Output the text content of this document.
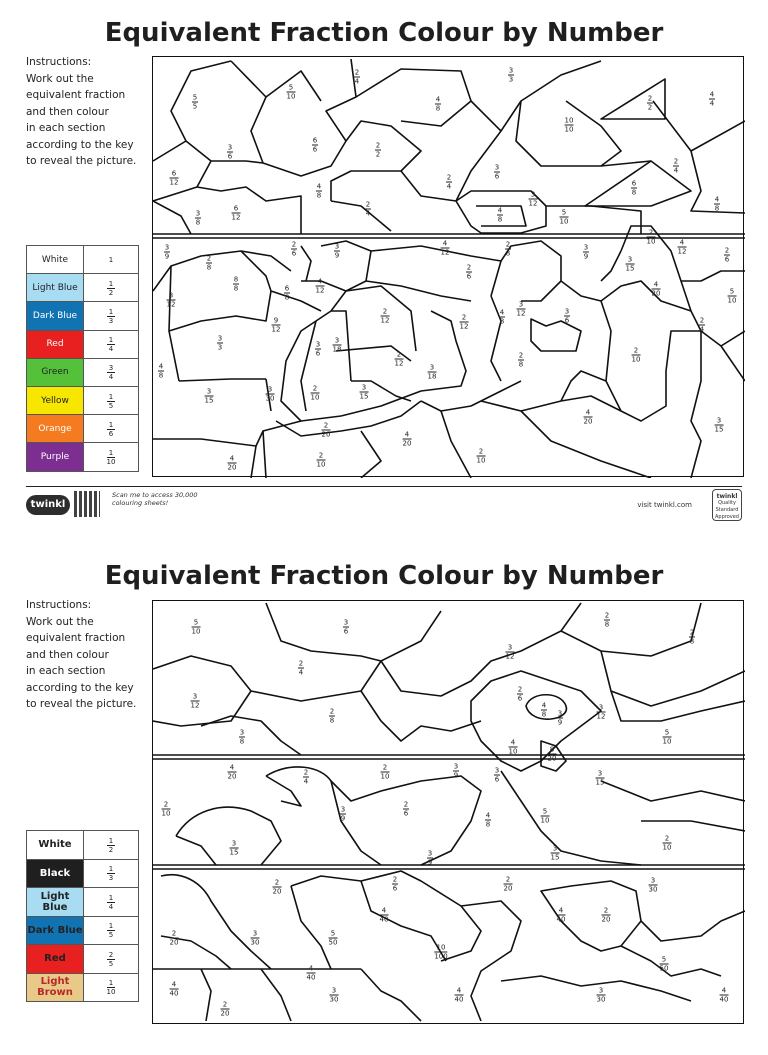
Equivalent Fraction Colour by Number
Instructions:
Work out the
equivalent fraction
and then colour
in each section
according to the key
to reveal the picture.
White	1

Light Blue	$\frac{1}{2}$

Dark Blue	$\frac{1}{3}$

Red	$\frac{1}{4}$

Green	$\frac{3}{4}$

Yellow	$\frac{1}{5}$

Orange	$\frac{1}{6}$

Purple	$\frac{1}{10}$
5
5
5
10
2
4
3
3
4
8
2
2
4
4
3
6
6
6	2
2
10
10
3
6
2
4
6
12	4
8
2
4	6
8
3
12	4
8
3
8
6
12
2
4	4
8
5
10
2
10	4
12
3
9	2
8
2
6
3
9
4
12
2
8
3
9	3
15
2
6
2
6
8
8	6
8
4
12
4
20	5
10
3
12
2
12	2
12
3
12	3
6
4
8	2
4
9
12
3
3	3
6
3
18
2
12	3
18
2
8
2
10
4
8
3
15
3
30
2
10
3
15
4
20
2
20	4
20
3
15
4
20
2
10
2
10
twinkl
Scan me to access 30,000
colouring sheets!	visit twinkl.com
twinkl
Quality Standard
Approved
Equivalent Fraction Colour by Number
Instructions:
Work out the
equivalent fraction
and then colour
in each section
according to the key
to reveal the picture.
White	$\frac{1}{2}$

Black	$\frac{1}{3}$

Light Blue	$\frac{1}{4}$

Dark Blue	$\frac{1}{5}$

Red	$\frac{2}{5}$

Light Brown	$\frac{1}{10}$
5
10
3
6
2
8
2
8
3
12
2
4
3
12
2
6
4
8 3
9
3
12
2
8
3
8
5
10
4
10	8
20
4
20
2
10
3
9
2
4
3
6
3
15
2
10	3
9
2
6	4
8
5
10
3
15	3
15
2
10
3
9
2
20
2
6
2
20
3
30
4
40
4
40
2
20
2
20
3
30
5
50
10
100	5
50
4
40
4
40	3
30
4
40
3
30
4
40
2
20
